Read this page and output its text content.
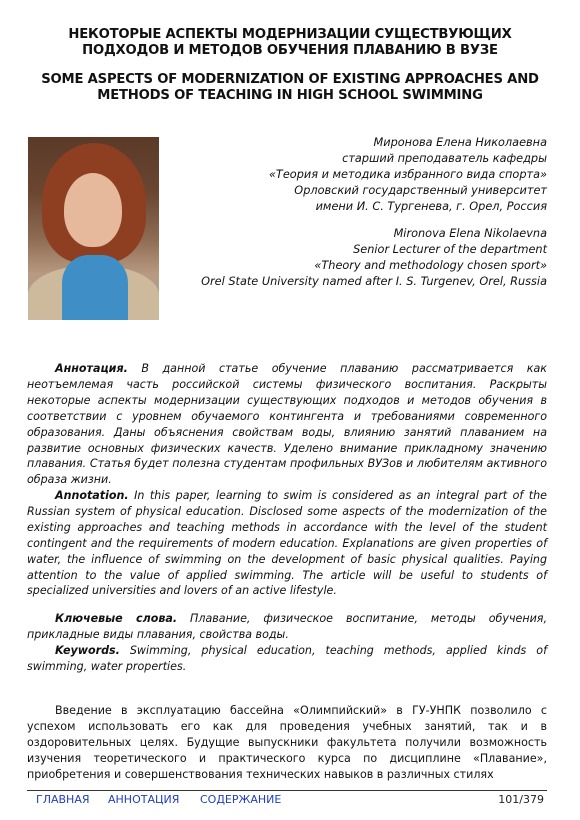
НЕКОТОРЫЕ АСПЕКТЫ МОДЕРНИЗАЦИИ СУЩЕСТВУЮЩИХ ПОДХОДОВ И МЕТОДОВ ОБУЧЕНИЯ ПЛАВАНИЮ В ВУЗЕ
SOME ASPECTS OF MODERNIZATION OF EXISTING APPROACHES AND METHODS OF TEACHING IN HIGH SCHOOL SWIMMING
Миронова Елена Николаевна
старший преподаватель кафедры
«Теория и методика избранного вида спорта»
Орловский государственный университет
имени И. С. Тургенева, г. Орел, Россия
Mironova Elena Nikolaevna
Senior Lecturer of the department
«Theory and methodology chosen sport»
Orel State University named after I. S. Turgenev, Orel, Russia
Аннотация. В данной статье обучение плаванию рассматривается как неотъемлемая часть российской системы физического воспитания. Раскрыты некоторые аспекты модернизации существующих подходов и методов обучения в соответствии с уровнем обучаемого контингента и требованиями современного образования. Даны объяснения свойствам воды, влиянию занятий плаванием на развитие основных физических качеств. Уделено внимание прикладному значению плавания. Статья будет полезна студентам профильных ВУЗов и любителям активного образа жизни.
Annotation. In this paper, learning to swim is considered as an integral part of the Russian system of physical education. Disclosed some aspects of the modernization of the existing approaches and teaching methods in accordance with the level of the student contingent and the requirements of modern education. Explanations are given properties of water, the influence of swimming on the development of basic physical qualities. Paying attention to the value of applied swimming. The article will be useful to students of specialized universities and lovers of an active lifestyle.
Ключевые слова. Плавание, физическое воспитание, методы обучения, прикладные виды плавания, свойства воды.
Keywords. Swimming, physical education, teaching methods, applied kinds of swimming, water properties.
Введение в эксплуатацию бассейна «Олимпийский» в ГУ-УНПК позволило с успехом использовать его как для проведения учебных занятий, так и в оздоровительных целях. Будущие выпускники факультета получили возможность изучения теоретического и практического курса по дисциплине «Плавание», приобретения и совершенствования технических навыков в различных стилях
ГЛАВНАЯ АННОТАЦИЯ СОДЕРЖАНИЕ	101/379
